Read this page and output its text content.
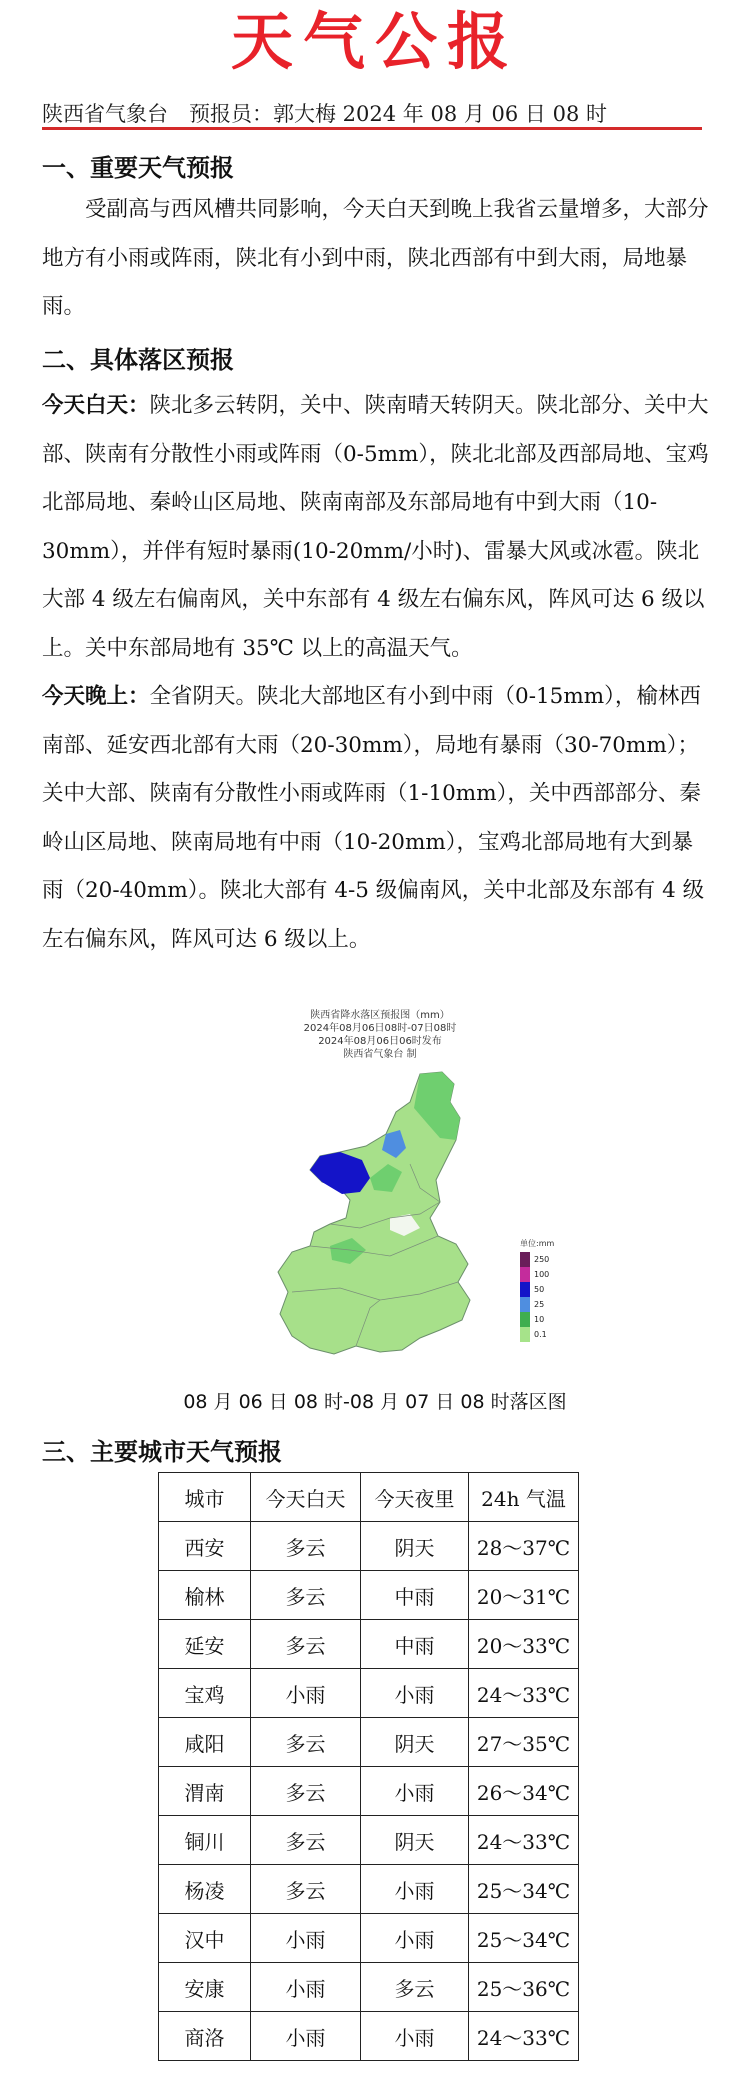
天气公报
陕西省气象台　预报员：郭大梅 2024 年 08 月 06 日 08 时
一、重要天气预报

受副高与西风槽共同影响，今天白天到晚上我省云量增多，大部分地方有小雨或阵雨，陕北有小到中雨，陕北西部有中到大雨，局地暴雨。

二、具体落区预报

今天白天：陕北多云转阴，关中、陕南晴天转阴天。陕北部分、关中大部、陕南有分散性小雨或阵雨（0-5mm），陕北北部及西部局地、宝鸡北部局地、秦岭山区局地、陕南南部及东部局地有中到大雨（10-30mm），并伴有短时暴雨(10-20mm/小时)、雷暴大风或冰雹。陕北大部 4 级左右偏南风，关中东部有 4 级左右偏东风，阵风可达 6 级以上。关中东部局地有 35℃ 以上的高温天气。

今天晚上：全省阴天。陕北大部地区有小到中雨（0-15mm），榆林西南部、延安西北部有大雨（20-30mm），局地有暴雨（30-70mm）；关中大部、陕南有分散性小雨或阵雨（1-10mm），关中西部部分、秦岭山区局地、陕南局地有中雨（10-20mm），宝鸡北部局地有大到暴雨（20-40mm）。陕北大部有 4-5 级偏南风，关中北部及东部有 4 级左右偏东风，阵风可达 6 级以上。

陕西省降水落区预报图（mm）
2024年08月06日08时-07日08时
2024年08月06日06时发布
陕西省气象台 制
单位:mm
250
100
50
25
10
0.1
08 月 06 日 08 时-08 月 07 日 08 时落区图
三、主要城市天气预报
城市	今天白天	今天夜里	24h 气温
西安	多云	阴天	28～37℃
榆林	多云	中雨	20～31℃
延安	多云	中雨	20～33℃
宝鸡	小雨	小雨	24～33℃
咸阳	多云	阴天	27～35℃
渭南	多云	小雨	26～34℃
铜川	多云	阴天	24～33℃
杨凌	多云	小雨	25～34℃
汉中	小雨	小雨	25～34℃
安康	小雨	多云	25～36℃
商洛	小雨	小雨	24～33℃
